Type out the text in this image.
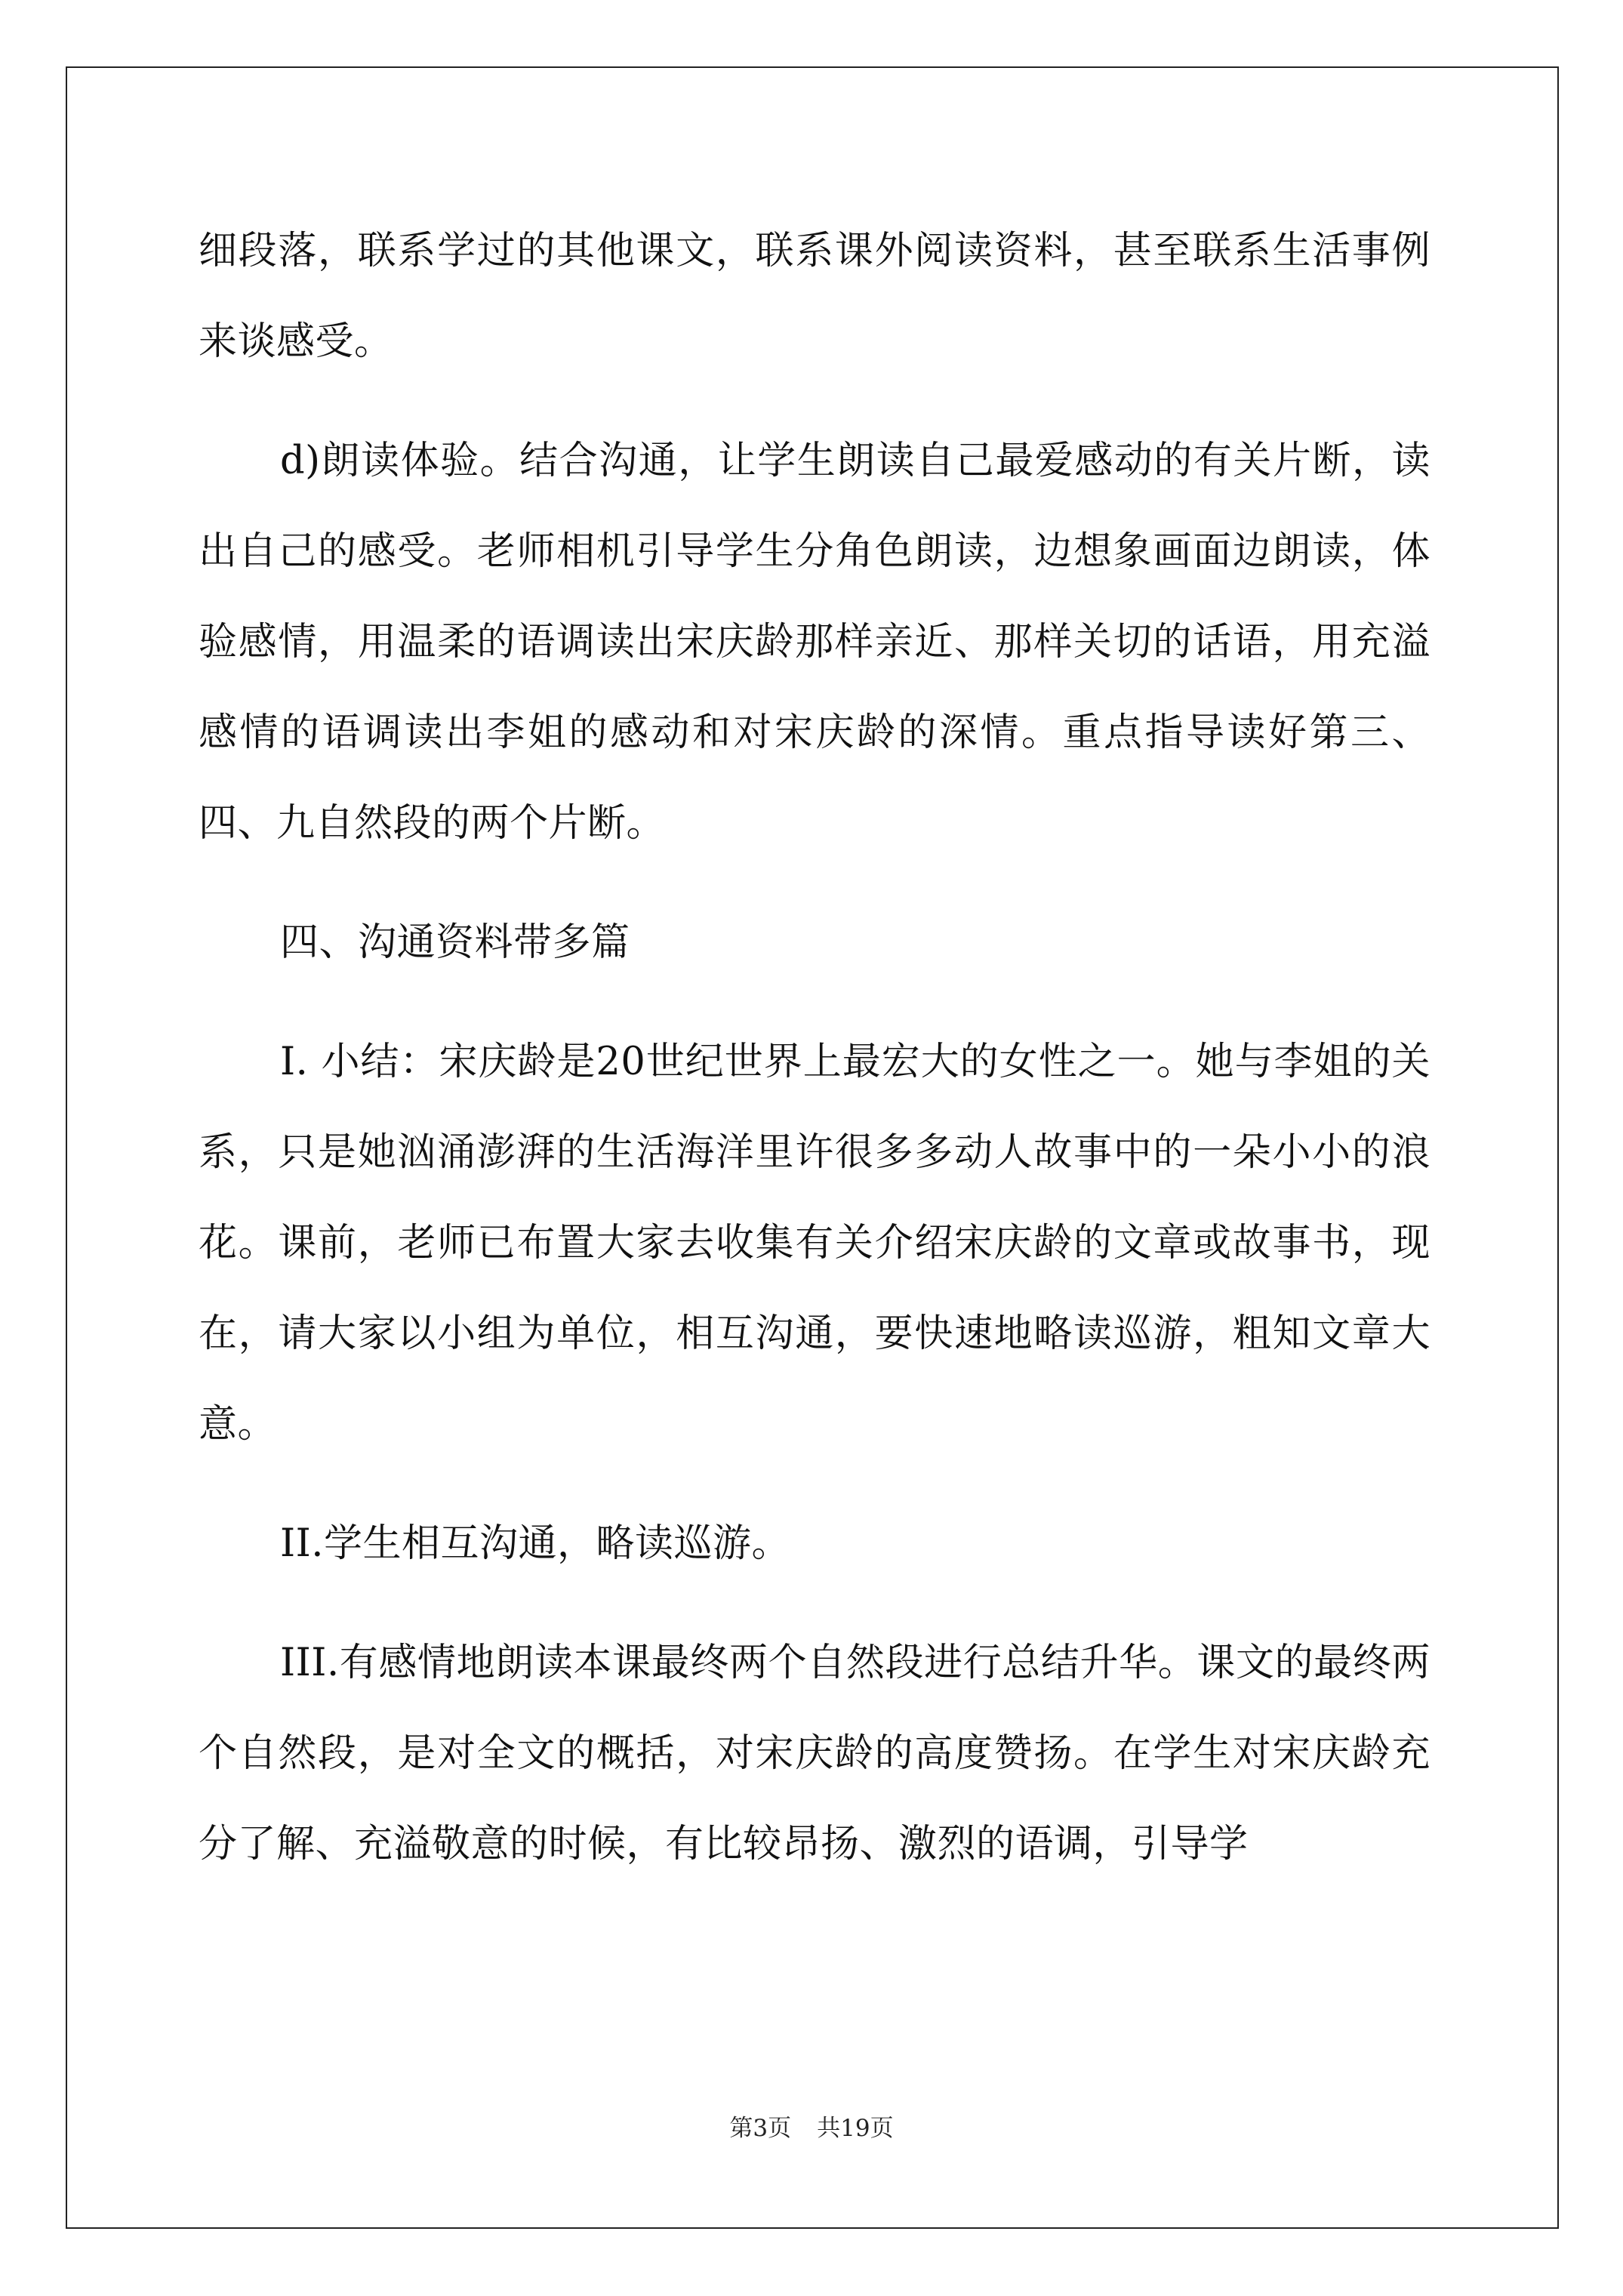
细段落，联系学过的其他课文，联系课外阅读资料，甚至联系生活事例来谈感受。

d)朗读体验。结合沟通，让学生朗读自己最爱感动的有关片断，读出自己的感受。老师相机引导学生分角色朗读，边想象画面边朗读，体验感情，用温柔的语调读出宋庆龄那样亲近、那样关切的话语，用充溢感情的语调读出李姐的感动和对宋庆龄的深情。重点指导读好第三、四、九自然段的两个片断。

四、沟通资料带多篇

I. 小结：宋庆龄是20世纪世界上最宏大的女性之一。她与李姐的关系，只是她汹涌澎湃的生活海洋里许很多多动人故事中的一朵小小的浪花。课前，老师已布置大家去收集有关介绍宋庆龄的文章或故事书，现在，请大家以小组为单位，相互沟通，要快速地略读巡游，粗知文章大意。

II.学生相互沟通，略读巡游。

III.有感情地朗读本课最终两个自然段进行总结升华。课文的最终两个自然段，是对全文的概括，对宋庆龄的高度赞扬。在学生对宋庆龄充分了解、充溢敬意的时候，有比较昂扬、激烈的语调，引导学

第3页 共19页
